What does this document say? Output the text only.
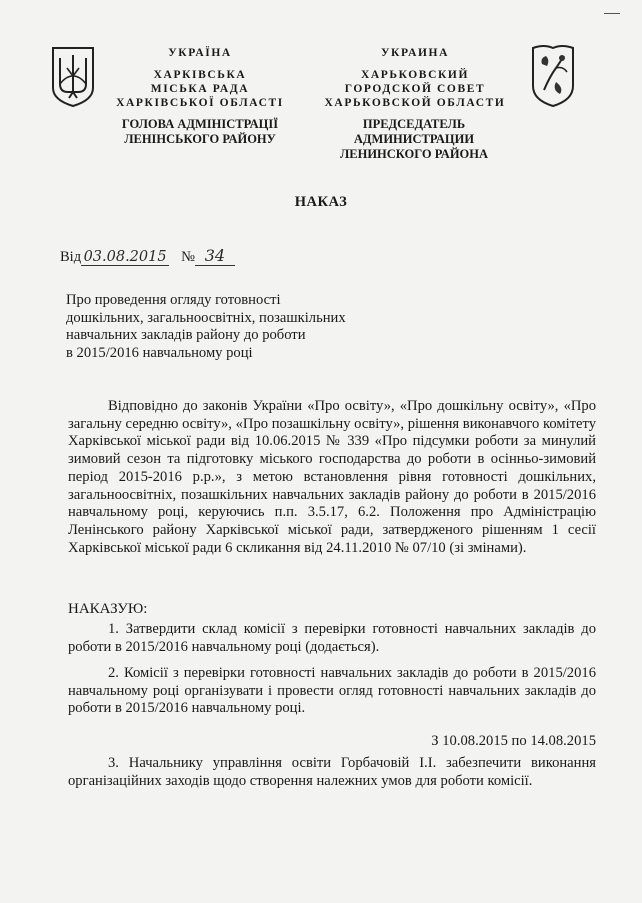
УКРАЇНА
ХАРКІВСЬКА
МІСЬКА РАДА
ХАРКІВСЬКОЇ ОБЛАСТІ
ГОЛОВА АДМІНІСТРАЦІЇ
ЛЕНІНСЬКОГО РАЙОНУ
УКРАИНА
ХАРЬКОВСКИЙ
ГОРОДСКОЙ СОВЕТ
ХАРЬКОВСКОЙ ОБЛАСТИ
ПРЕДСЕДАТЕЛЬ АДМИНИСТРАЦИИ
ЛЕНИНСКОГО РАЙОНА
НАКАЗ
Від 03.08.2015 № 34
Про проведення огляду готовності
дошкільних, загальноосвітніх, позашкільних
навчальних закладів району до роботи
в 2015/2016 навчальному році
Відповідно до законів України «Про освіту», «Про дошкільну освіту», «Про загальну середню освіту», «Про позашкільну освіту», рішення виконавчого комітету Харківської міської ради від 10.06.2015 № 339 «Про підсумки роботи за минулий зимовий сезон та підготовку міського господарства до роботи в осінньо-зимовий період 2015-2016 р.р.», з метою встановлення рівня готовності дошкільних, загальноосвітніх, позашкільних навчальних закладів району до роботи в 2015/2016 навчальному році, керуючись п.п. 3.5.17, 6.2. Положення про Адміністрацію Ленінського району Харківської міської ради, затвердженого рішенням 1 сесії Харківської міської ради 6 скликання від 24.11.2010 № 07/10 (зі змінами).
НАКАЗУЮ:
1. Затвердити склад комісії з перевірки готовності навчальних закладів до роботи в 2015/2016 навчальному році (додається).
2. Комісії з перевірки готовності навчальних закладів до роботи в 2015/2016 навчальному році організувати і провести огляд готовності навчальних закладів до роботи в 2015/2016 навчальному році.
З 10.08.2015 по 14.08.2015
3. Начальнику управління освіти Горбачовій І.І. забезпечити виконання організаційних заходів щодо створення належних умов для роботи комісії.
